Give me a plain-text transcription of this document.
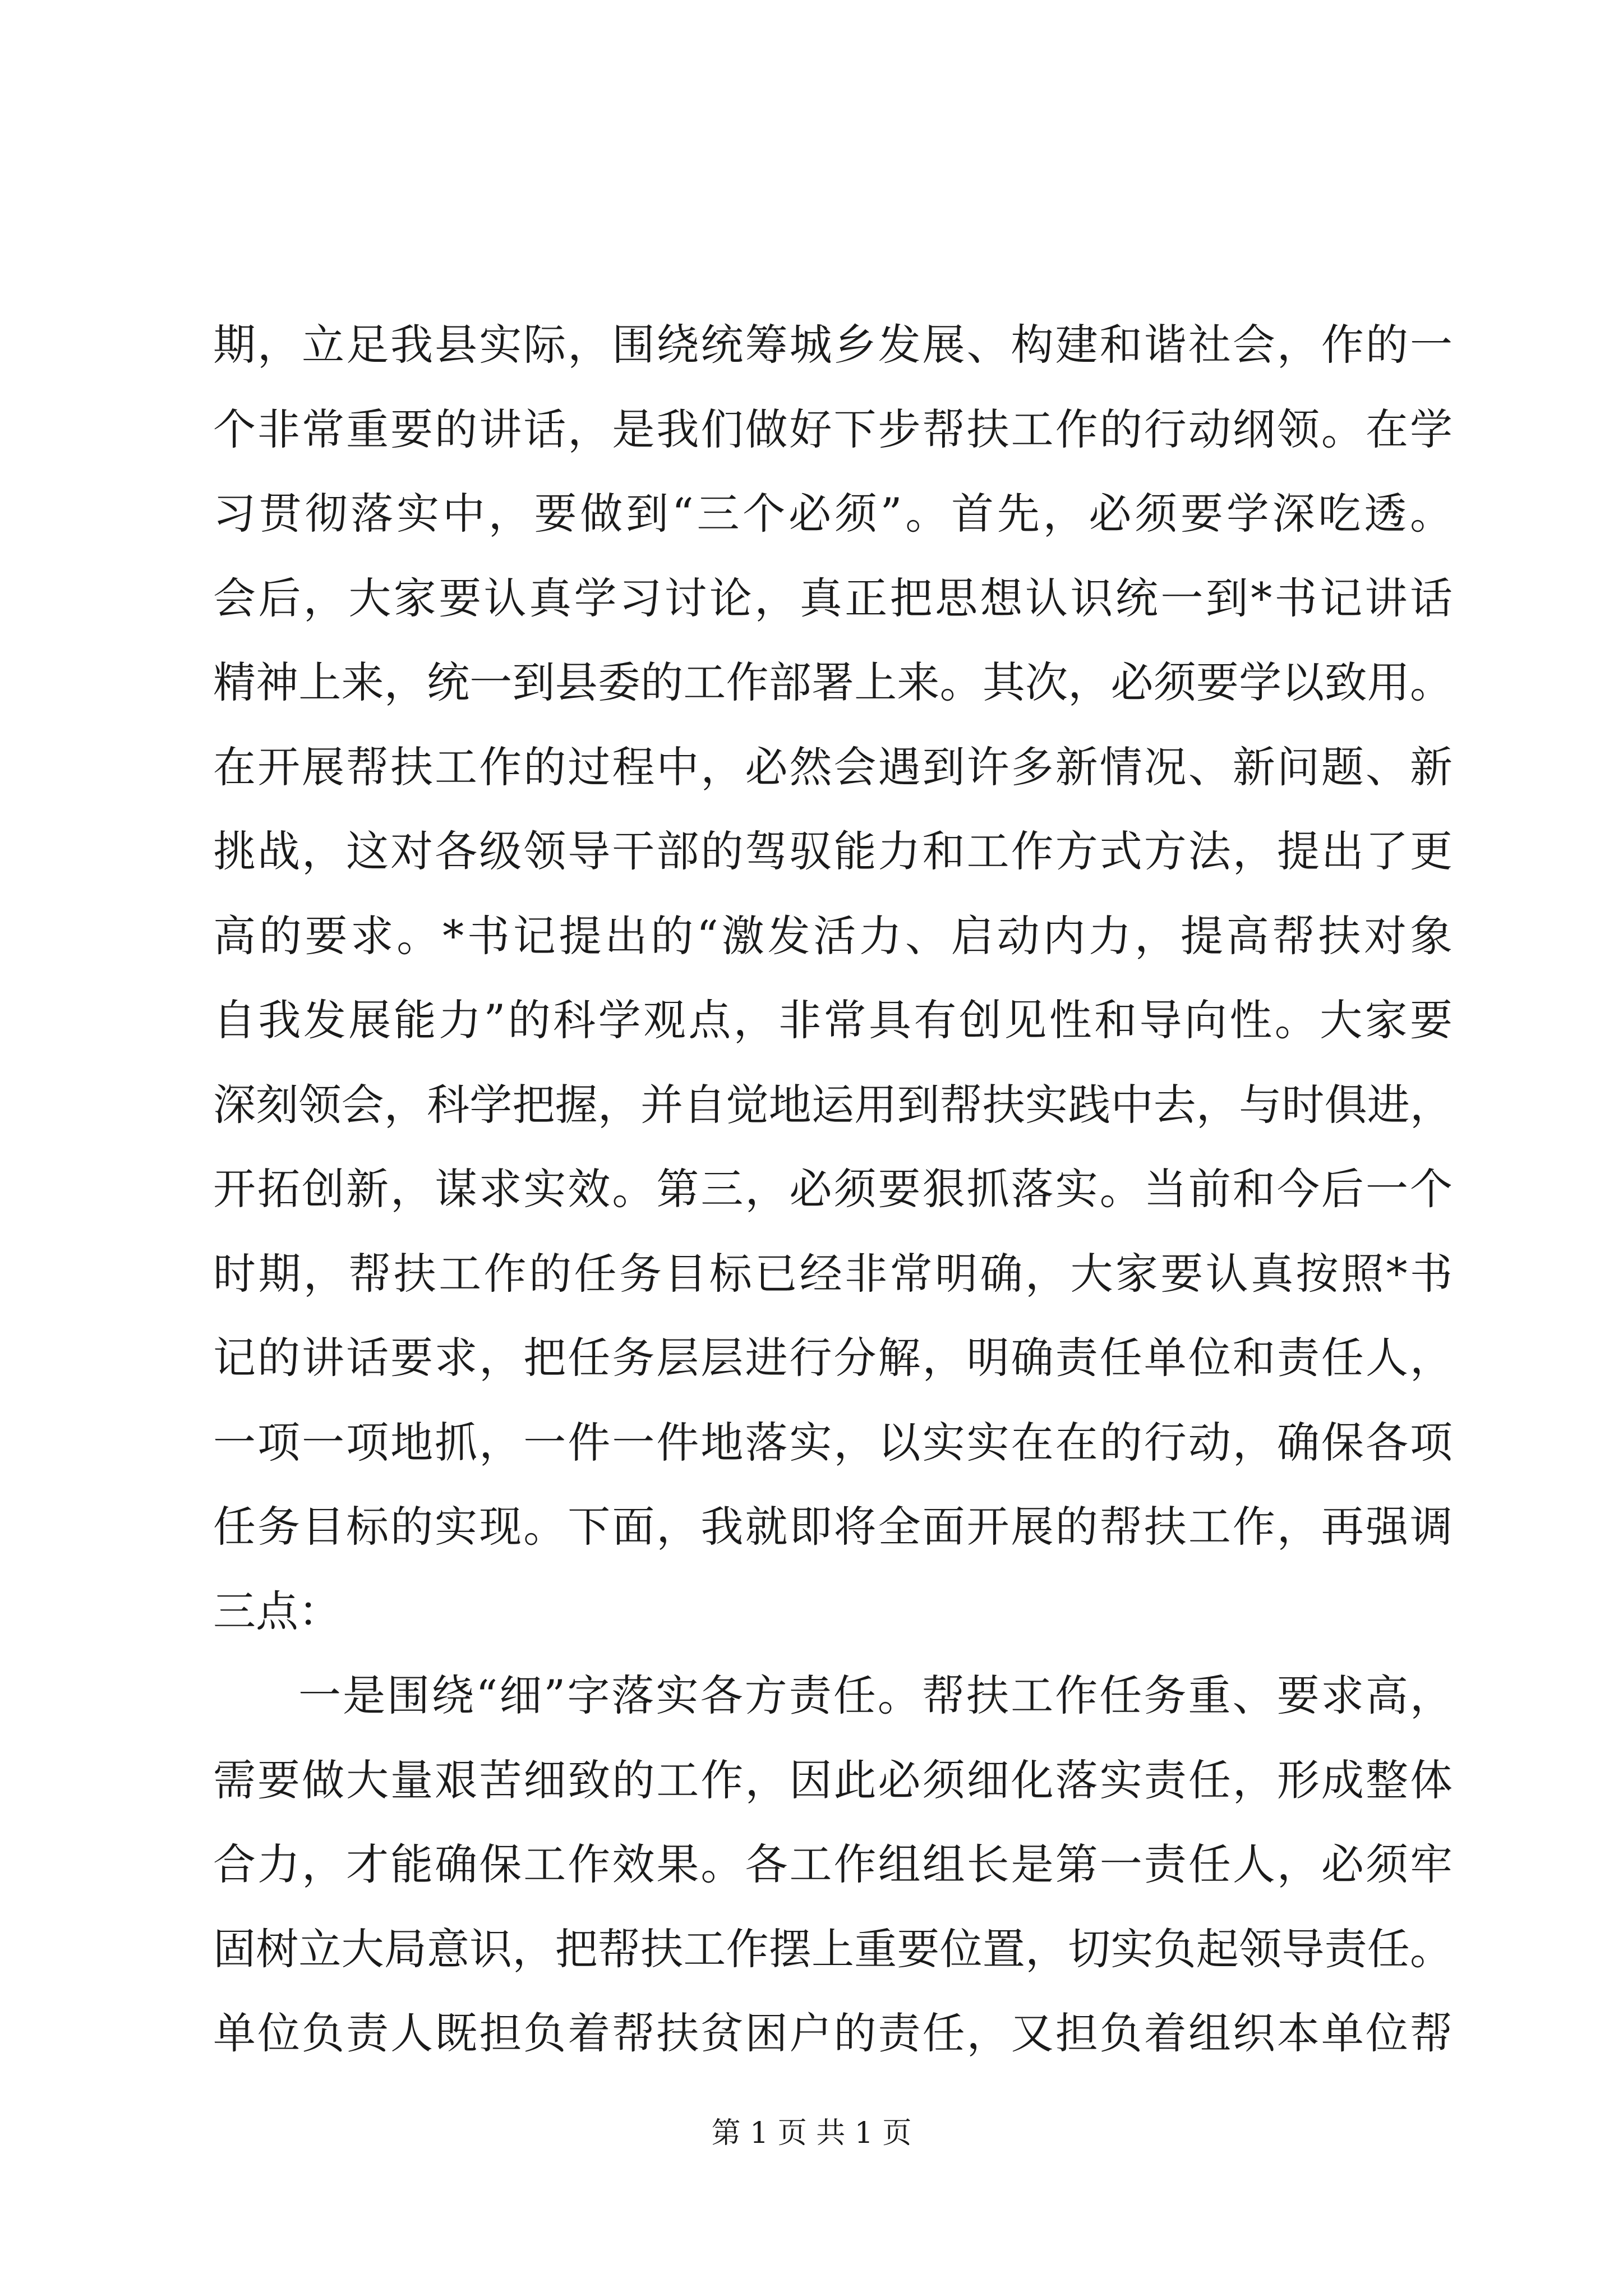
期，立足我县实际，围绕统筹城乡发展、构建和谐社会，作的一
个非常重要的讲话，是我们做好下步帮扶工作的行动纲领。在学
习贯彻落实中，要做到“三个必须”。首先，必须要学深吃透。
会后，大家要认真学习讨论，真正把思想认识统一到*书记讲话
精神上来，统一到县委的工作部署上来。其次，必须要学以致用。
在开展帮扶工作的过程中，必然会遇到许多新情况、新问题、新
挑战，这对各级领导干部的驾驭能力和工作方式方法，提出了更
高的要求。*书记提出的“激发活力、启动内力，提高帮扶对象
自我发展能力”的科学观点，非常具有创见性和导向性。大家要
深刻领会，科学把握，并自觉地运用到帮扶实践中去，与时俱进，
开拓创新，谋求实效。第三，必须要狠抓落实。当前和今后一个
时期，帮扶工作的任务目标已经非常明确，大家要认真按照*书
记的讲话要求，把任务层层进行分解，明确责任单位和责任人，
一项一项地抓，一件一件地落实，以实实在在的行动，确保各项
任务目标的实现。下面，我就即将全面开展的帮扶工作，再强调
三点：
一是围绕“细”字落实各方责任。帮扶工作任务重、要求高，
需要做大量艰苦细致的工作，因此必须细化落实责任，形成整体
合力，才能确保工作效果。各工作组组长是第一责任人，必须牢
固树立大局意识，把帮扶工作摆上重要位置，切实负起领导责任。
单位负责人既担负着帮扶贫困户的责任，又担负着组织本单位帮
第 1 页 共 1 页
